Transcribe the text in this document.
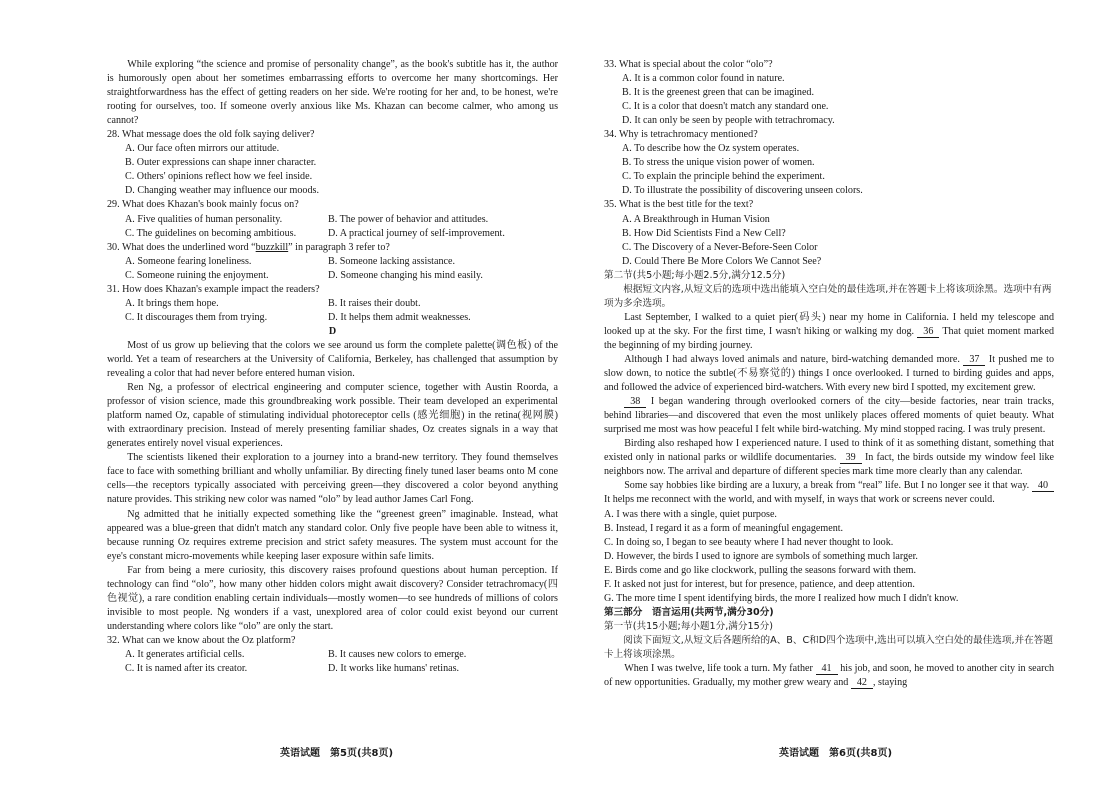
While exploring “the science and promise of personality change”, as the book's subtitle has it, the author is humorously open about her sometimes embarrassing efforts to overcome her many shortcomings. Her straightforwardness has the effect of getting readers on her side. We're rooting for her and, to be honest, we're rooting for ourselves, too. If someone overly anxious like Ms. Khazan can become calmer, who among us cannot?

28. What message does the old folk saying deliver?

A. Our face often mirrors our attitude.

B. Outer expressions can shape inner character.

C. Others' opinions reflect how we feel inside.

D. Changing weather may influence our moods.

29. What does Khazan's book mainly focus on?

A. Five qualities of human personality.	B. The power of behavior and attitudes.
C. The guidelines on becoming ambitious.	D. A practical journey of self-improvement.

30. What does the underlined word “buzzkill” in paragraph 3 refer to?

A. Someone fearing loneliness.	B. Someone lacking assistance.
C. Someone ruining the enjoyment.	D. Someone changing his mind easily.

31. How does Khazan's example impact the readers?

A. It brings them hope.	B. It raises their doubt.
C. It discourages them from trying.	D. It helps them admit weaknesses.

D

Most of us grow up believing that the colors we see around us form the complete palette(调色板) of the world. Yet a team of researchers at the University of California, Berkeley, has challenged that assumption by revealing a color that had never before entered human vision.

Ren Ng, a professor of electrical engineering and computer science, together with Austin Roorda, a professor of vision science, made this groundbreaking work possible. Their team developed an experimental platform named Oz, capable of stimulating individual photoreceptor cells (感光细胞) in the retina(视网膜) with extraordinary precision. Instead of merely presenting familiar shades, Oz creates signals in a way that generates entirely novel visual experiences.

The scientists likened their exploration to a journey into a brand-new territory. They found themselves face to face with something brilliant and wholly unfamiliar. By directing finely tuned laser beams onto M cone cells—the receptors typically associated with perceiving green—they discovered a color beyond anything nature provides. This striking new color was named “olo” by lead author James Carl Fong.

Ng admitted that he initially expected something like the “greenest green” imaginable. Instead, what appeared was a blue-green that didn't match any standard color. Only five people have been able to witness it, because running Oz requires extreme precision and strict safety measures. The system must account for the eye's constant micro-movements while keeping laser exposure within safe limits.

Far from being a mere curiosity, this discovery raises profound questions about human perception. If technology can find “olo”, how many other hidden colors might await discovery? Consider tetrachromacy(四色视觉), a rare condition enabling certain individuals—mostly women—to see hundreds of millions of colors invisible to most people. Ng wonders if a vast, unexplored area of color could exist beyond our current understanding where colors like “olo” are only the start.

32. What can we know about the Oz platform?

A. It generates artificial cells.	B. It causes new colors to emerge.
C. It is named after its creator.	D. It works like humans' retinas.

33. What is special about the color “olo”?

A. It is a common color found in nature.

B. It is the greenest green that can be imagined.

C. It is a color that doesn't match any standard one.

D. It can only be seen by people with tetrachromacy.

34. Why is tetrachromacy mentioned?

A. To describe how the Oz system operates.

B. To stress the unique vision power of women.

C. To explain the principle behind the experiment.

D. To illustrate the possibility of discovering unseen colors.

35. What is the best title for the text?

A. A Breakthrough in Human Vision

B. How Did Scientists Find a New Cell?

C. The Discovery of a Never-Before-Seen Color

D. Could There Be More Colors We Cannot See?

第二节(共5小题;每小题2.5分,满分12.5分)

根据短文内容,从短文后的选项中选出能填入空白处的最佳选项,并在答题卡上将该项涂黑。选项中有两项为多余选项。

Last September, I walked to a quiet pier(码头) near my home in California. I held my telescope and looked up at the sky. For the first time, I wasn't hiking or walking my dog. 36 That quiet moment marked the beginning of my birding journey.

Although I had always loved animals and nature, bird-watching demanded more. 37 It pushed me to slow down, to notice the subtle(不易察觉的) things I once overlooked. I turned to birding guides and apps, and followed the advice of experienced bird-watchers. With every new bird I spotted, my excitement grew.

38 I began wandering through overlooked corners of the city—beside factories, near train tracks, behind libraries—and discovered that even the most unlikely places offered moments of quiet beauty. What surprised me most was how peaceful I felt while bird-watching. My mind stopped racing. I was truly present.

Birding also reshaped how I experienced nature. I used to think of it as something distant, something that existed only in national parks or wildlife documentaries. 39 In fact, the birds outside my window feel like neighbors now. The arrival and departure of different species mark time more clearly than any calendar.

Some say hobbies like birding are a luxury, a break from “real” life. But I no longer see it that way. 40 It helps me reconnect with the world, and with myself, in ways that work or screens never could.

A. I was there with a single, quiet purpose.

B. Instead, I regard it as a form of meaningful engagement.

C. In doing so, I began to see beauty where I had never thought to look.

D. However, the birds I used to ignore are symbols of something much larger.

E. Birds come and go like clockwork, pulling the seasons forward with them.

F. It asked not just for interest, but for presence, patience, and deep attention.

G. The more time I spent identifying birds, the more I realized how much I didn't know.

第三部分　语言运用(共两节,满分30分)

第一节(共15小题;每小题1分,满分15分)

阅读下面短文,从短文后各题所给的A、B、C和D四个选项中,选出可以填入空白处的最佳选项,并在答题卡上将该项涂黑。

When I was twelve, life took a turn. My father 41 his job, and soon, he moved to another city in search of new opportunities. Gradually, my mother grew weary and 42 , staying

英语试题　第5页(共8页)	英语试题　第6页(共8页)
